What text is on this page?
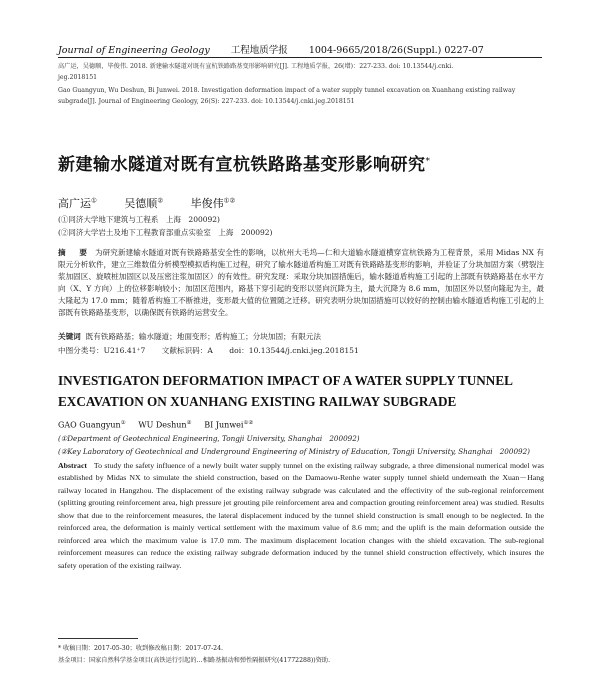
Journal of Engineering Geology 工程地质学报 1004-9665/2018/26(Suppl.) 0227-07
高广运，吴德顺，毕俊伟. 2018. 新建输水隧道对既有宣杭铁路路基变形影响研究[J]. 工程地质学报，26(增)：227-233. doi: 10.13544/j.cnki.
jeg.2018151
Gao Guangyun, Wu Deshun, Bi Junwei. 2018. Investigation deformation impact of a water supply tunnel excavation on Xuanhang existing railway
subgrade[J]. Journal of Engineering Geology, 26(S): 227-233. doi: 10.13544/j.cnki.jeg.2018151
新建输水隧道对既有宣杭铁路路基变形影响研究*
高广运① 吴德顺② 毕俊伟①②
(①同济大学地下建筑与工程系　上海　200092)
(②同济大学岩土及地下工程教育部重点实验室　上海　200092)
摘　要 为研究新建输水隧道对既有铁路路基安全性的影响，以杭州大毛坞—仁和大道输水隧道横穿宣杭铁路为工程背景，采用 Midas NX 有限元分析软件，建立三维数值分析模型模拟盾构施工过程，研究了输水隧道盾构施工对既有铁路路基变形的影响，并验证了分块加固方案（劈裂注浆加固区、旋喷桩加固区以及压密注浆加固区）的有效性。研究发现：采取分块加固措施后，输水隧道盾构施工引起的上部既有铁路路基在水平方向（X、Y 方向）上的位移影响较小；加固区范围内，路基下穿引起的变形以竖向沉降为主，最大沉降为 8.6 mm，加固区外以竖向隆起为主，最大隆起为 17.0 mm；随着盾构施工不断推进，变形最大值的位置随之迁移。研究表明分块加固措施可以较好的控制由输水隧道盾构施工引起的上部既有铁路路基变形，以确保既有铁路的运营安全。
关键词 既有铁路路基；输水隧道；地面变形；盾构施工；分块加固；有限元法
中图分类号：U216.41⁺7 文献标识码：A doi：10.13544/j.cnki.jeg.2018151
INVESTIGATON DEFORMATION IMPACT OF A WATER SUPPLY TUNNEL
EXCAVATION ON XUANHANG EXISTING RAILWAY SUBGRADE
GAO Guangyun① WU Deshun② BI Junwei①②
(①Department of Geotechnical Engineering, Tongji University, Shanghai　200092)
(②Key Laboratory of Geotechnical and Underground Engineering of Ministry of Education, Tongji University, Shanghai　200092)
Abstract To study the safety influence of a newly built water supply tunnel on the existing railway subgrade, a three dimensional numerical model was established by Midas NX to simulate the shield construction, based on the Damaowu-Renhe water supply tunnel shield underneath the Xuan－Hang railway located in Hangzhou. The displacement of the existing railway subgrade was calculated and the effectivity of the sub-regional reinforcement (splitting grouting reinforcement area, high pressure jet grouting pile reinforcement area and compaction grouting reinforcement area) was studied. Results show that due to the reinforcement measures, the lateral displacement induced by the tunnel shield construction is small enough to be neglected. In the reinforced area, the deformation is mainly vertical settlement with the maximum value of 8.6 mm; and the uplift is the main deformation outside the reinforced area which the maximum value is 17.0 mm. The maximum displacement location changes with the shield excavation. The sub-regional reinforcement measures can reduce the existing railway subgrade deformation induced by the tunnel shield construction effectively, which insures the safety operation of the existing railway.
* 收稿日期：2017-05-30；收到修改稿日期：2017-07-24.
基金项目：国家自然科学基金项目(高铁运行引起的…相路基振动和弹性隔振研究(41772288))资助.
